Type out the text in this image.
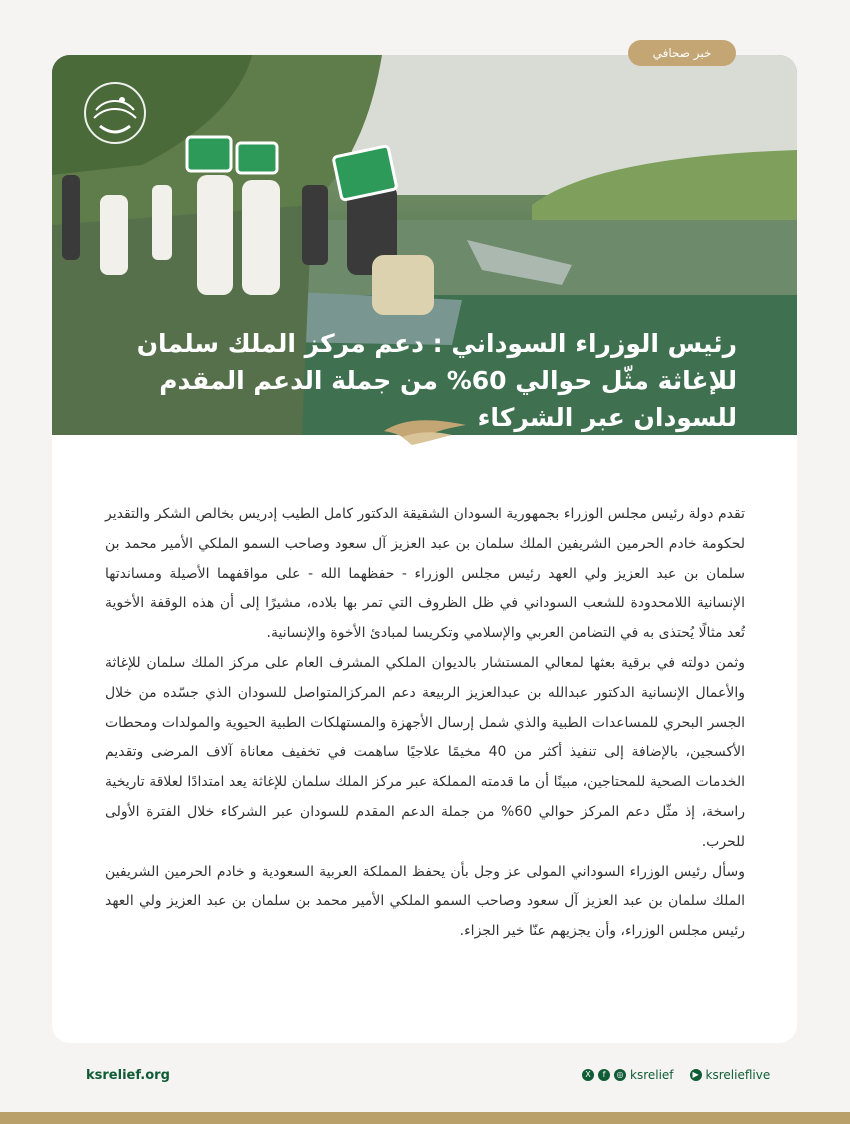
رئيس الوزراء السوداني : دعم مركز الملك سلمان للإغاثة مثّل حوالي 60% من جملة الدعم المقدم للسودان عبر الشركاء

تقدم دولة رئيس مجلس الوزراء بجمهورية السودان الشقيقة الدكتور كامل الطيب إدريس بخالص الشكر والتقدير لحكومة خادم الحرمين الشريفين الملك سلمان بن عبد العزيز آل سعود وصاحب السمو الملكي الأمير محمد بن سلمان بن عبد العزيز ولي العهد رئيس مجلس الوزراء - حفظهما الله - على مواقفهما الأصيلة ومساندتها الإنسانية اللامحدودة للشعب السوداني في ظل الظروف التي تمر بها بلاده، مشيرًا إلى أن هذه الوقفة الأخوية تُعد مثالًا يُحتذى به في التضامن العربي والإسلامي وتكريسا لمبادئ الأخوة والإنسانية.

وثمن دولته في برقية بعثها لمعالي المستشار بالديوان الملكي المشرف العام على مركز الملك سلمان للإغاثة والأعمال الإنسانية الدكتور عبدالله بن عبدالعزيز الربيعة دعم المركزالمتواصل للسودان الذي جسّده من خلال الجسر البحري للمساعدات الطبية والذي شمل إرسال الأجهزة والمستهلكات الطبية الحيوية والمولدات ومحطات الأكسجين، بالإضافة إلى تنفيذ أكثر من 40 مخيمًا علاجيًا ساهمت في تخفيف معاناة آلاف المرضى وتقديم الخدمات الصحية للمحتاجين، مبينًا أن ما قدمته المملكة عبر مركز الملك سلمان للإغاثة يعد امتدادًا لعلاقة تاريخية راسخة، إذ مثّل دعم المركز حوالي 60% من جملة الدعم المقدم للسودان عبر الشركاء خلال الفترة الأولى للحرب.

وسأل رئيس الوزراء السوداني المولى عز وجل بأن يحفظ المملكة العربية السعودية و خادم الحرمين الشريفين الملك سلمان بن عبد العزيز آل سعود وصاحب السمو الملكي الأمير محمد بن سلمان بن عبد العزيز ولي العهد رئيس مجلس الوزراء، وأن يجزيهم عنّا خير الجزاء.

خبر صحافي
ksrelief.org	X	f	◎ ksrelief	▶ ksrelieflive
